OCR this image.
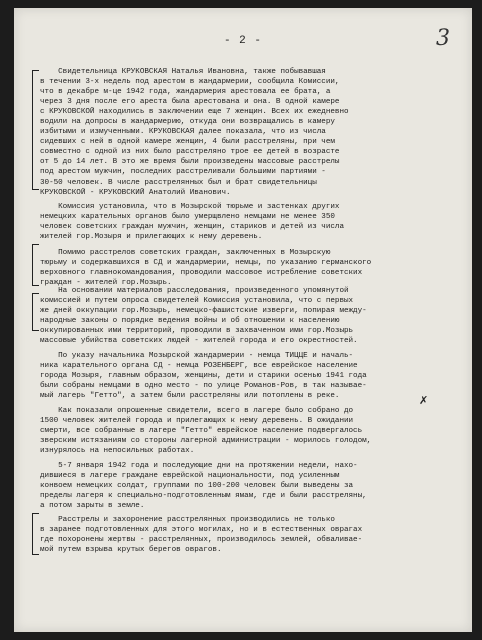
3
- 2 -
Свидетельница КРУКОВСКАЯ Наталья Ивановна, также побывавшая
в течении 3-х недель под арестом в жандармерии, сообщила Комиссии,
что в декабре м-це 1942 года, жандармерия арестовала ее брата, а
через 3 дня после его ареста была арестована и она. В одной камере
с КРУКОВСКОЙ находились в заключении еще 7 женщин. Всех их ежедневно
водили на допросы в жандармерию, откуда они возвращались в камеру
избитыми и измученными. КРУКОВСКАЯ далее показала, что из числа
сидевших с ней в одной камере женщин, 4 были расстреляны, при чем
совместно с одной из них было расстреляно трое ее детей в возрасте
от 5 до 14 лет. В это же время были произведены массовые расстрелы
под арестом мужчин, последних расстреливали большими партиями -
30-50 человек. В числе расстрелянных был и брат свидетельницы
КРУКОВСКОЙ - КРУКОВСКИЙ Анатолий Иванович.
Комиссия установила, что в Мозырской тюрьме и застенках других
немецких карательных органов было умерщвлено немцами не менее 350
человек советских граждан мужчин, женщин, стариков и детей из числа
жителей гор.Мозыря и прилегающих к нему деревень.
Помимо расстрелов советских граждан, заключенных в Мозырскую
тюрьму и содержавшихся в СД и жандармерии, немцы, по указанию германского
верховного главнокомандования, проводили массовое истребление советских
граждан - жителей гор.Мозырь.
На основании материалов расследования, произведенного упомянутой
комиссией и путем опроса свидетелей Комиссия установила, что с первых
же дней оккупации гор.Мозырь, немецко-фашистские изверги, попирая между-
народные законы о порядке ведения войны и об отношении к населению
оккупированных ими территорий, проводили в захваченном ими гор.Мозырь
массовые убийства советских людей - жителей города и его окрестностей.
По указу начальника Мозырской жандармерии - немца ТИЦЦЕ и началь-
ника карательного органа СД - немца РОЗЕНБЕРГ, все еврейское население
города Мозыря, главным образом, женщины, дети и старики осенью 1941 года
были собраны немцами в одно место - по улице Романов-Ров, в так называе-
мый лагерь "Гетто", а затем были расстреляны или потоплены в реке.
Как показали опрошенные свидетели, всего в лагере было собрано до
1500 человек жителей города и прилегающих к нему деревень. В ожидании
смерти, все собранные в лагере "Гетто" еврейское население подвергалось
зверским истязаниям со стороны лагерной администрации - морилось голодом,
изнурялось на непосильных работах.
5-7 января 1942 года и последующие дни на протяжении недели, нахо-
дившиеся в лагере граждане еврейской национальности, под усиленным
конвоем немецких солдат, группами по 100-200 человек были выведены за
пределы лагеря к специально-подготовленным ямам, где и были расстреляны,
а потом зарыты в земле.
Расстрелы и захоронение расстрелянных производились не только
в заранее подготовленных для этого могилах, но и в естественных оврагах
где похоронены жертвы - расстрелянных, производилось землей, обваливае-
мой путем взрыва крутых берегов оврагов.
✗
